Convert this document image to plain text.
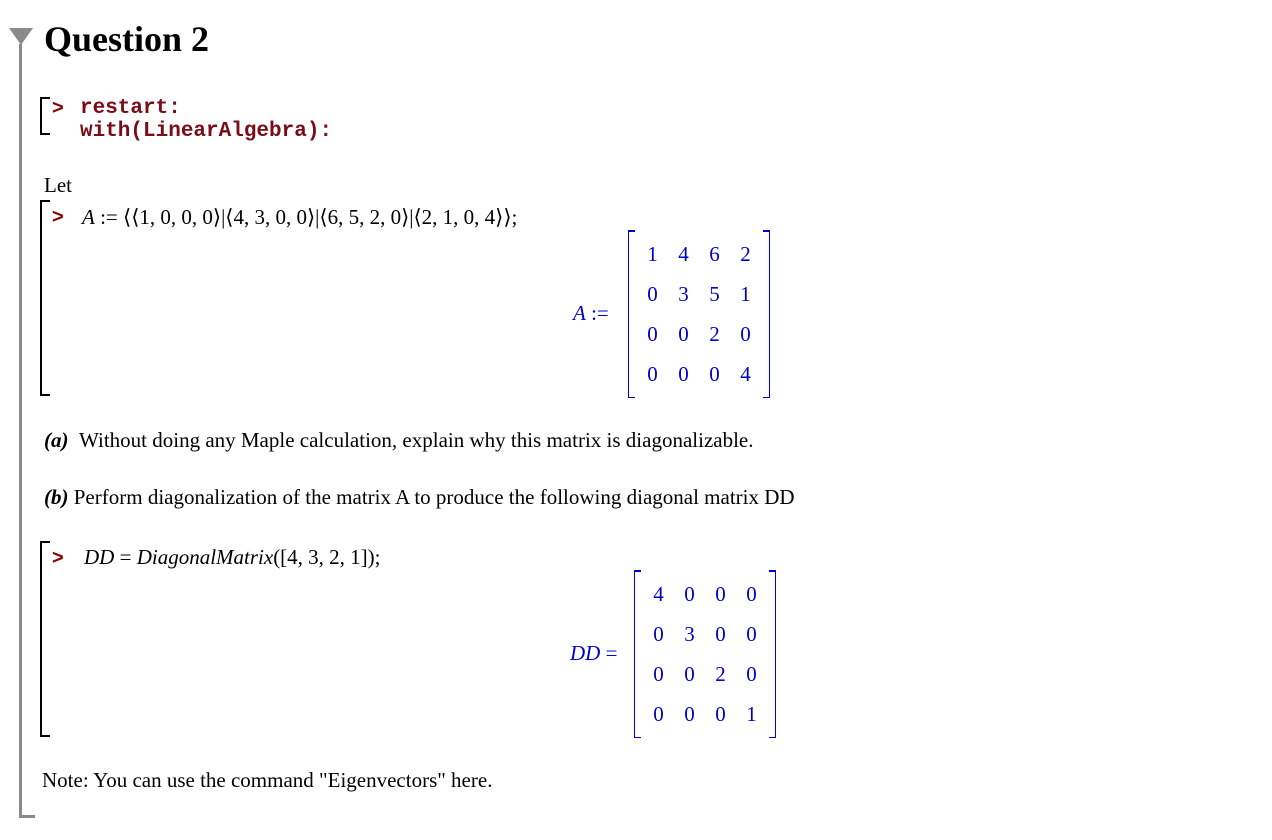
Question 2
> restart:
with(LinearAlgebra):

Let

> A := ⟨⟨1, 0, 0, 0⟩|⟨4, 3, 0, 0⟩|⟨6, 5, 2, 0⟩|⟨2, 1, 0, 4⟩⟩;
A :=
1	4	6	2
0	3	5	1
0	0	2	0
0	0	0	4

(a) Without doing any Maple calculation, explain why this matrix is diagonalizable.

(b) Perform diagonalization of the matrix A to produce the following diagonal matrix DD

> DD = DiagonalMatrix([4, 3, 2, 1]);
DD =
4	0	0	0
0	3	0	0
0	0	2	0
0	0	0	1

Note: You can use the command "Eigenvectors" here.
